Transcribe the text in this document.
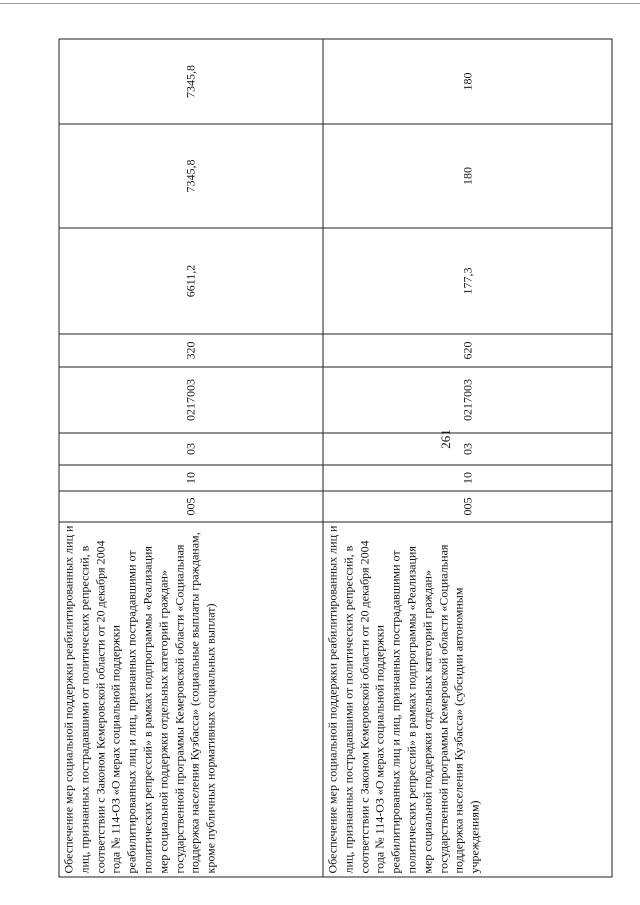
261
Обеспечение мер социальной поддержки реабилитированных лиц и лиц, признанных пострадавшими от политических репрессий, в соответствии с Законом Кемеровской области от 20 декабря 2004 года № 114-ОЗ «О мерах социальной поддержки реабилитированных лиц и лиц, признанных пострадавшими от политических репрессий» в рамках подпрограммы «Реализация мер социальной поддержки отдельных категорий граждан» государственной программы Кемеровской области «Социальная поддержка населения Кузбасса» (социальные выплаты гражданам, кроме публичных нормативных социальных выплат)	005	10	03	0217003	320	6611,2	7345,8	7345,8
Обеспечение мер социальной поддержки реабилитированных лиц и лиц, признанных пострадавшими от политических репрессий, в соответствии с Законом Кемеровской области от 20 декабря 2004 года № 114-ОЗ «О мерах социальной поддержки реабилитированных лиц и лиц, признанных пострадавшими от политических репрессий» в рамках подпрограммы «Реализация мер социальной поддержки отдельных категорий граждан» государственной программы Кемеровской области «Социальная поддержка населения Кузбасса» (субсидии автономным учреждениям)	005	10	03	0217003	620	177,3	180	180
